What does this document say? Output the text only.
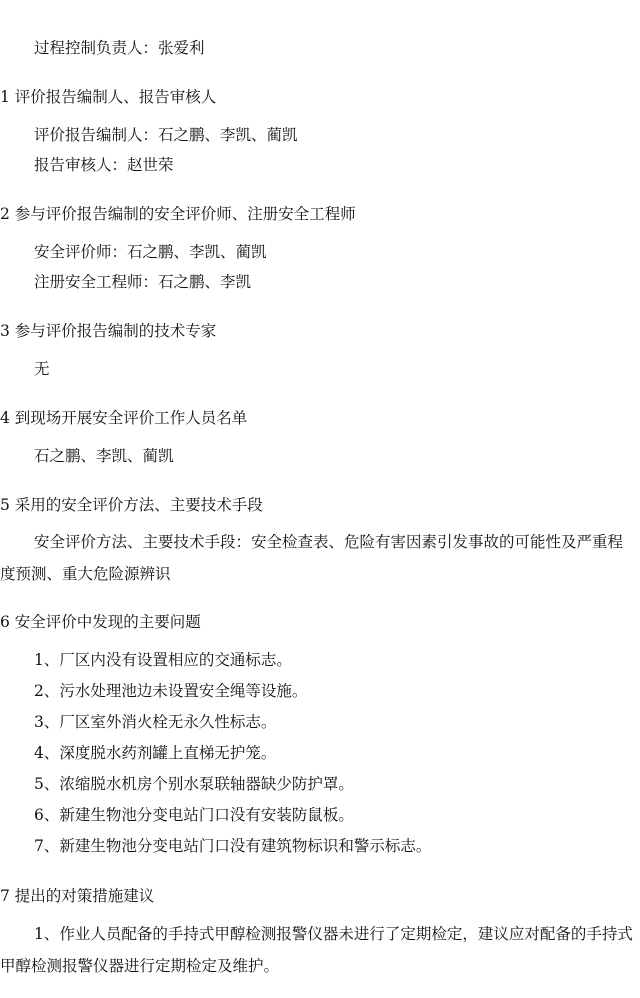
过程控制负责人：张爱利
1 评价报告编制人、报告审核人
评价报告编制人：石之鹏、李凯、蔺凯
报告审核人：赵世荣
2 参与评价报告编制的安全评价师、注册安全工程师
安全评价师：石之鹏、李凯、蔺凯
注册安全工程师：石之鹏、李凯
3 参与评价报告编制的技术专家
无
4 到现场开展安全评价工作人员名单
石之鹏、李凯、蔺凯
5 采用的安全评价方法、主要技术手段
安全评价方法、主要技术手段：安全检查表、危险有害因素引发事故的可能性及严重程度预测、重大危险源辨识
6 安全评价中发现的主要问题
1、厂区内没有设置相应的交通标志。
2、污水处理池边未设置安全绳等设施。
3、厂区室外消火栓无永久性标志。
4、深度脱水药剂罐上直梯无护笼。
5、浓缩脱水机房个别水泵联轴器缺少防护罩。
6、新建生物池分变电站门口没有安装防鼠板。
7、新建生物池分变电站门口没有建筑物标识和警示标志。
7 提出的对策措施建议
1、作业人员配备的手持式甲醇检测报警仪器未进行了定期检定，建议应对配备的手持式甲醇检测报警仪器进行定期检定及维护。
